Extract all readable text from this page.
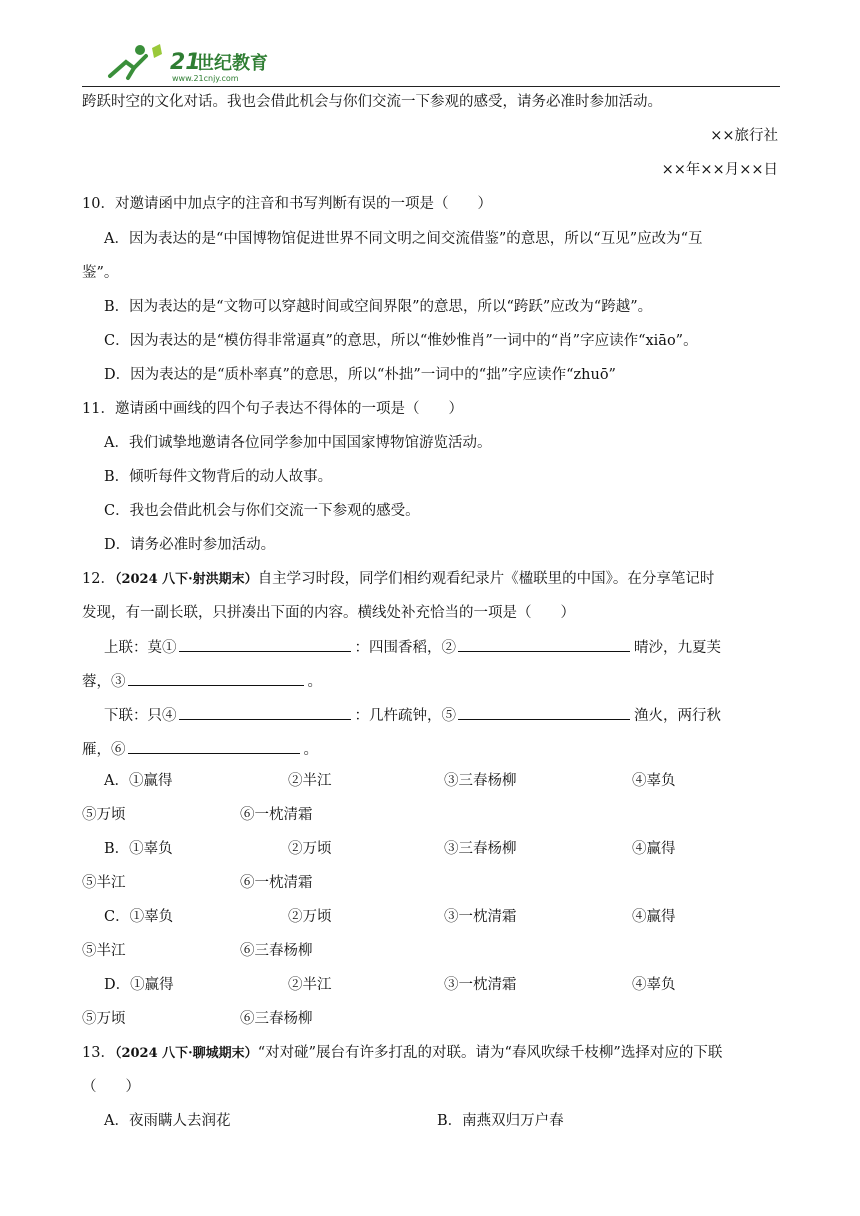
21
世纪教育
www.21cnjy.com
跨跃时空的文化对话。我也会借此机会与你们交流一下参观的感受，请务必准时参加活动。
××旅行社
××年××月××日
10．对邀请函中加点字的注音和书写判断有误的一项是（　　）
A．因为表达的是“中国博物馆促进世界不同文明之间交流借鉴”的意思，所以“互见”应改为“互
鉴”。
B．因为表达的是“文物可以穿越时间或空间界限”的意思，所以“跨跃”应改为“跨越”。
C．因为表达的是“模仿得非常逼真”的意思，所以“惟妙惟肖”一词中的“肖”字应读作“xiāo”。
D．因为表达的是“质朴率真”的意思，所以“朴拙”一词中的“拙”字应读作“zhuō”
11．邀请函中画线的四个句子表达不得体的一项是（　　）
A．我们诚挚地邀请各位同学参加中国国家博物馆游览活动。
B．倾听每件文物背后的动人故事。
C．我也会借此机会与你们交流一下参观的感受。
D．请务必准时参加活动。
12．（2024 八下·射洪期末）自主学习时段，同学们相约观看纪录片《楹联里的中国》。在分享笔记时
发现，有一副长联，只拼凑出下面的内容。横线处补充恰当的一项是（　　）
上联：莫①	：四围香稻，②	晴沙，九夏芙
蓉，③	。
下联：只④	：几杵疏钟，⑤	渔火，两行秋
雁，⑥	。
A．①赢得	②半江	③三春杨柳	④辜负
⑤万顷	⑥一枕清霜
B．①辜负	②万顷	③三春杨柳	④赢得
⑤半江	⑥一枕清霜
C．①辜负	②万顷	③一枕清霜	④赢得
⑤半江	⑥三春杨柳
D．①赢得	②半江	③一枕清霜	④辜负
⑤万顷	⑥三春杨柳
13．（2024 八下·聊城期末）“对对碰”展台有许多打乱的对联。请为“春风吹绿千枝柳”选择对应的下联
（　　）
A．夜雨瞒人去润花	B．南燕双归万户春
